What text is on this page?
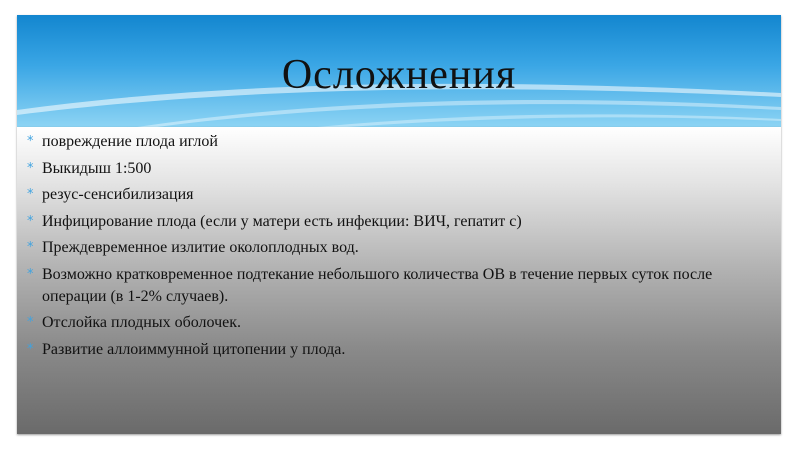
Осложнения
* повреждение плода иглой
* Выкидыш 1:500
* резус-сенсибилизация
* Инфицирование плода (если у матери есть инфекции: ВИЧ, гепатит с)
* Преждевременное излитие околоплодных вод.
* Возможно кратковременное подтекание небольшого количества ОВ в течение первых суток после операции (в 1-2% случаев).
* Отслойка плодных оболочек.
* Развитие аллоиммунной цитопении у плода.
